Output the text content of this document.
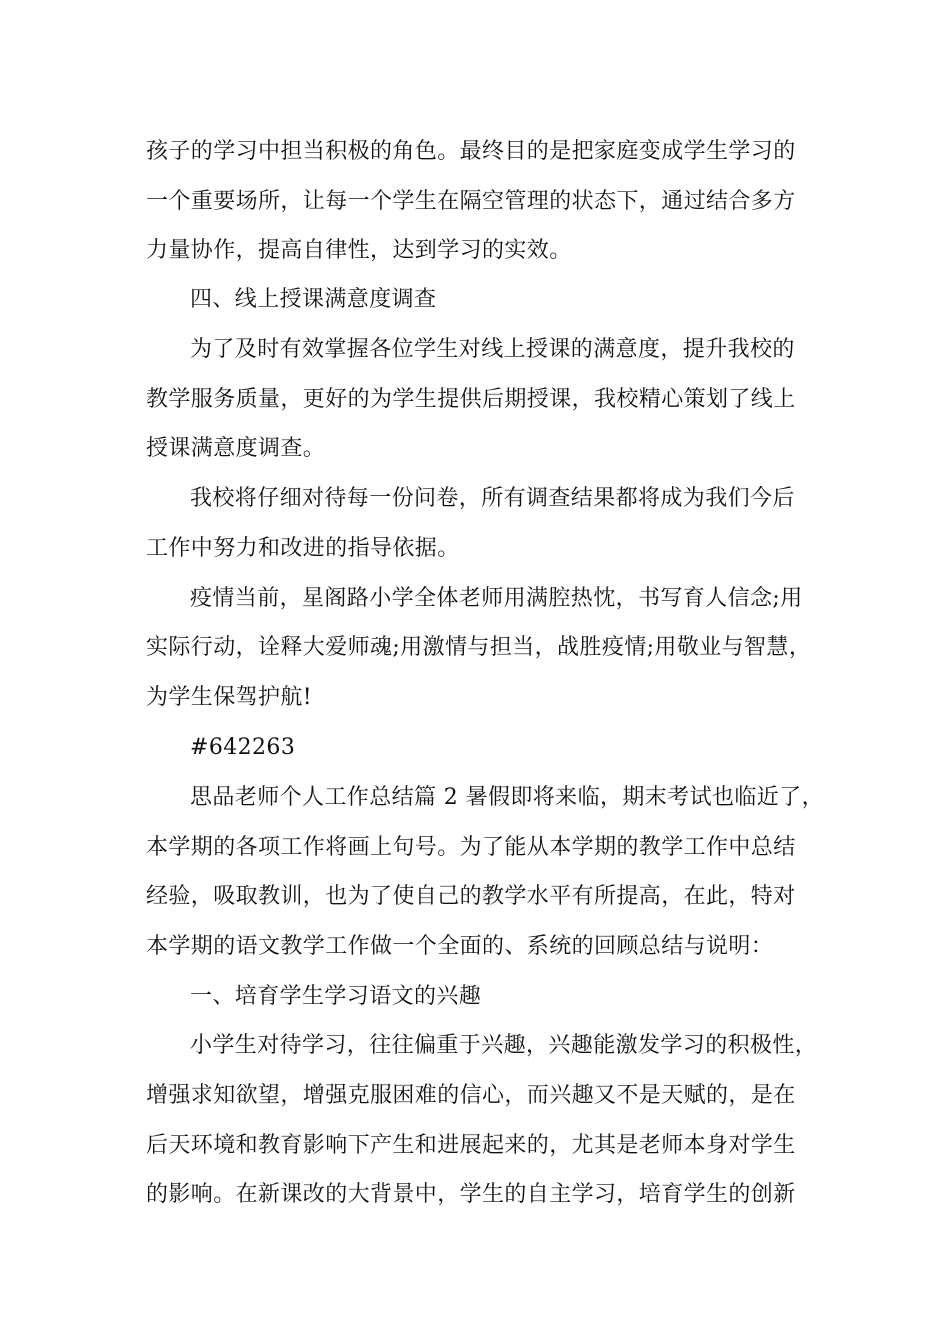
孩子的学习中担当积极的角色。最终目的是把家庭变成学生学习的

一个重要场所，让每一个学生在隔空管理的状态下，通过结合多方

力量协作，提高自律性，达到学习的实效。

四、线上授课满意度调查

为了及时有效掌握各位学生对线上授课的满意度，提升我校的

教学服务质量，更好的为学生提供后期授课，我校精心策划了线上

授课满意度调查。

我校将仔细对待每一份问卷，所有调查结果都将成为我们今后

工作中努力和改进的指导依据。

疫情当前，星阁路小学全体老师用满腔热忱，书写育人信念;用

实际行动，诠释大爱师魂;用激情与担当，战胜疫情;用敬业与智慧，

为学生保驾护航!

#642263

思品老师个人工作总结篇 2 暑假即将来临，期末考试也临近了，

本学期的各项工作将画上句号。为了能从本学期的教学工作中总结

经验，吸取教训，也为了使自己的教学水平有所提高，在此，特对

本学期的语文教学工作做一个全面的、系统的回顾总结与说明：

一、培育学生学习语文的兴趣

小学生对待学习，往往偏重于兴趣，兴趣能激发学习的积极性，

增强求知欲望，增强克服困难的信心，而兴趣又不是天赋的，是在

后天环境和教育影响下产生和进展起来的，尤其是老师本身对学生

的影响。在新课改的大背景中，学生的自主学习，培育学生的创新
